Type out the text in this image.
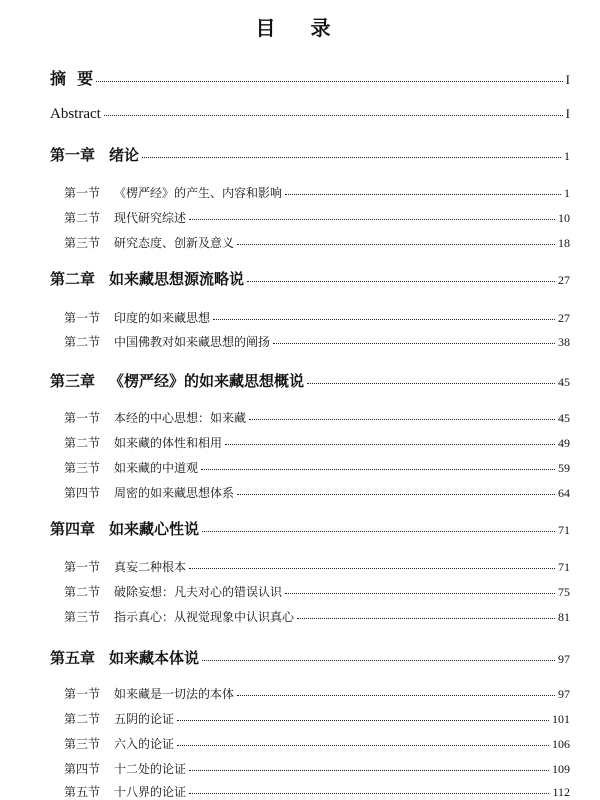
目 录
摘  要	I
Abstract	I
第一章 绪论	1
第一节 《楞严经》的产生、内容和影响	1
第二节 现代研究综述	10
第三节 研究态度、创新及意义	18
第二章 如来藏思想源流略说	27
第一节 印度的如来藏思想	27
第二节 中国佛教对如来藏思想的阐扬	38
第三章 《楞严经》的如来藏思想概说	45
第一节 本经的中心思想：如来藏	45
第二节 如来藏的体性和相用	49
第三节 如来藏的中道观	59
第四节 周密的如来藏思想体系	64
第四章 如来藏心性说	71
第一节 真妄二种根本	71
第二节 破除妄想：凡夫对心的错误认识	75
第三节 指示真心：从视觉现象中认识真心	81
第五章 如来藏本体说	97
第一节 如来藏是一切法的本体	97
第二节 五阴的论证	101
第三节 六入的论证	106
第四节 十二处的论证	109
第五节 十八界的论证	112
